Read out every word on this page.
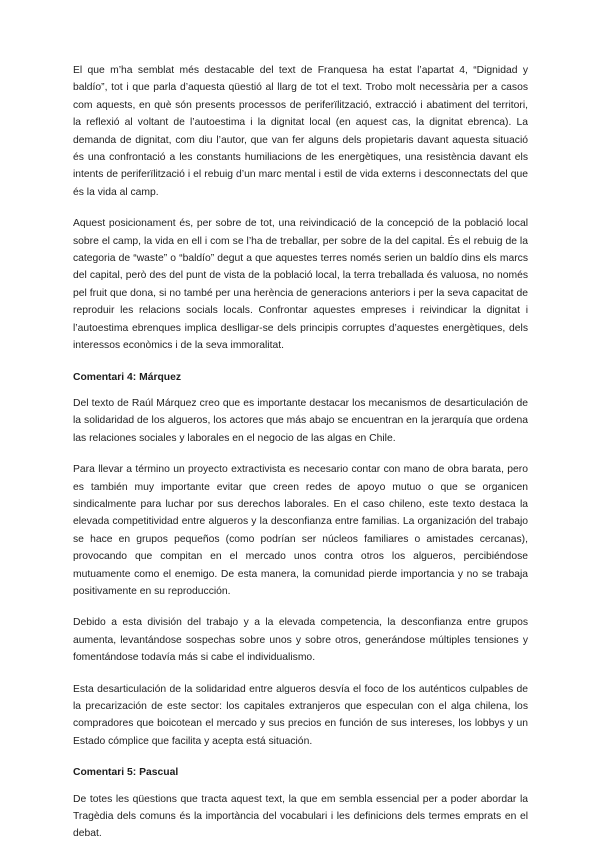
El que m’ha semblat més destacable del text de Franquesa ha estat l’apartat 4, “Dignidad y baldío”, tot i que parla d’aquesta qüestió al llarg de tot el text. Trobo molt necessària per a casos com aquests, en què són presents processos de periferïlització, extracció i abatiment del territori, la reflexió al voltant de l’autoestima i la dignitat local (en aquest cas, la dignitat ebrenca). La demanda de dignitat, com diu l’autor, que van fer alguns dels propietaris davant aquesta situació és una confrontació a les constants humiliacions de les energètiques, una resistència davant els intents de periferïlització i el rebuig d’un marc mental i estil de vida externs i desconnectats del que és la vida al camp.

Aquest posicionament és, per sobre de tot, una reivindicació de la concepció de la població local sobre el camp, la vida en ell i com se l’ha de treballar, per sobre de la del capital. És el rebuig de la categoria de “waste” o “baldío” degut a que aquestes terres només serien un baldío dins els marcs del capital, però des del punt de vista de la població local, la terra treballada és valuosa, no només pel fruit que dona, si no també per una herència de generacions anteriors i per la seva capacitat de reproduir les relacions socials locals. Confrontar aquestes empreses i reivindicar la dignitat i l’autoestima ebrenques implica deslligar-se dels principis corruptes d’aquestes energètiques, dels interessos econòmics i de la seva immoralitat.

Comentari 4: Márquez

Del texto de Raúl Márquez creo que es importante destacar los mecanismos de desarticulación de la solidaridad de los algueros, los actores que más abajo se encuentran en la jerarquía que ordena las relaciones sociales y laborales en el negocio de las algas en Chile.

Para llevar a término un proyecto extractivista es necesario contar con mano de obra barata, pero es también muy importante evitar que creen redes de apoyo mutuo o que se organicen sindicalmente para luchar por sus derechos laborales. En el caso chileno, este texto destaca la elevada competitividad entre algueros y la desconfianza entre familias. La organización del trabajo se hace en grupos pequeños (como podrían ser núcleos familiares o amistades cercanas), provocando que compitan en el mercado unos contra otros los algueros, percibiéndose mutuamente como el enemigo. De esta manera, la comunidad pierde importancia y no se trabaja positivamente en su reproducción.

Debido a esta división del trabajo y a la elevada competencia, la desconfianza entre grupos aumenta, levantándose sospechas sobre unos y sobre otros, generándose múltiples tensiones y fomentándose todavía más si cabe el individualismo.

Esta desarticulación de la solidaridad entre algueros desvía el foco de los auténticos culpables de la precarización de este sector: los capitales extranjeros que especulan con el alga chilena, los compradores que boicotean el mercado y sus precios en función de sus intereses, los lobbys y un Estado cómplice que facilita y acepta está situación.

Comentari 5: Pascual

De totes les qüestions que tracta aquest text, la que em sembla essencial per a poder abordar la Tragèdia dels comuns és la importància del vocabulari i les definicions dels termes emprats en el debat.
